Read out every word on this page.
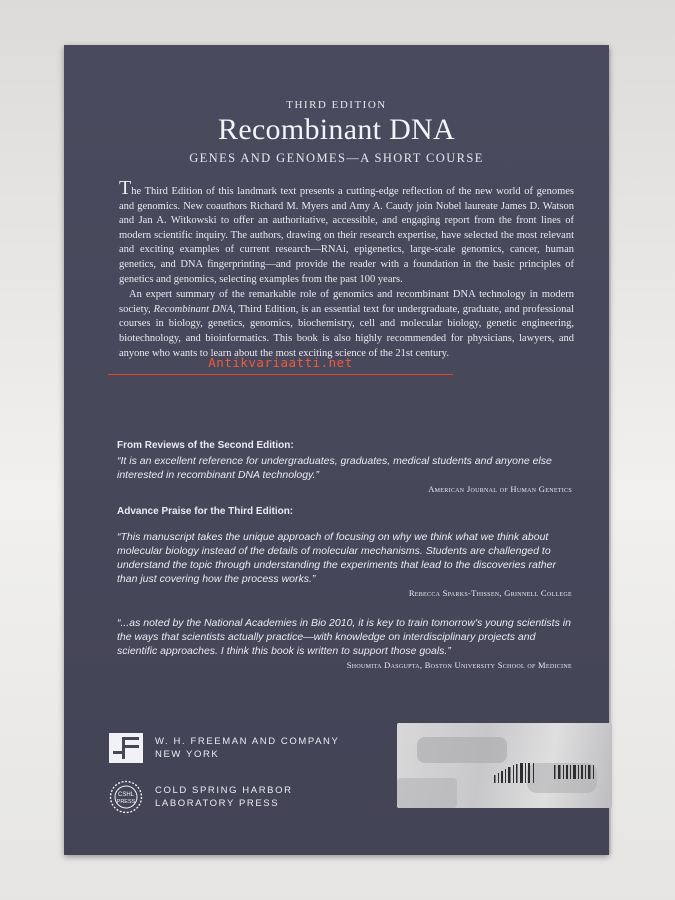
THIRD EDITION
Recombinant DNA
GENES AND GENOMES—A SHORT COURSE

The Third Edition of this landmark text presents a cutting-edge reflection of the new world of genomes and genomics. New coauthors Richard M. Myers and Amy A. Caudy join Nobel laureate James D. Watson and Jan A. Witkowski to offer an authoritative, accessible, and engaging report from the front lines of modern scientific inquiry. The authors, drawing on their research expertise, have selected the most relevant and exciting examples of current research—RNAi, epigenetics, large-scale genomics, cancer, human genetics, and DNA fingerprinting—and provide the reader with a foundation in the basic principles of genetics and genomics, selecting examples from the past 100 years.

An expert summary of the remarkable role of genomics and recombinant DNA technology in modern society, Recombinant DNA, Third Edition, is an essential text for undergraduate, graduate, and professional courses in biology, genetics, genomics, biochemistry, cell and molecular biology, genetic engineering, biotechnology, and bioinformatics. This book is also highly recommended for physicians, lawyers, and anyone who wants to learn about the most exciting science of the 21st century.

From Reviews of the Second Edition:

“It is an excellent reference for undergraduates, graduates, medical students and anyone else interested in recombinant DNA technology.”

American Journal of Human Genetics

Advance Praise for the Third Edition:

“This manuscript takes the unique approach of focusing on why we think what we think about molecular biology instead of the details of molecular mechanisms. Students are challenged to understand the topic through understanding the experiments that lead to the discoveries rather than just covering how the process works.”

Rebecca Sparks-Thissen, Grinnell College

“...as noted by the National Academies in Bio 2010, it is key to train tomorrow's young scientists in the ways that scientists actually practice—with knowledge on interdisciplinary projects and scientific approaches. I think this book is written to support those goals.”

Shoumita Dasgupta, Boston University School of Medicine

W. H. FREEMAN AND COMPANY
NEW YORK
CSHL
PRESS
COLD SPRING HARBOR
LABORATORY PRESS
Antikvariaatti.net
